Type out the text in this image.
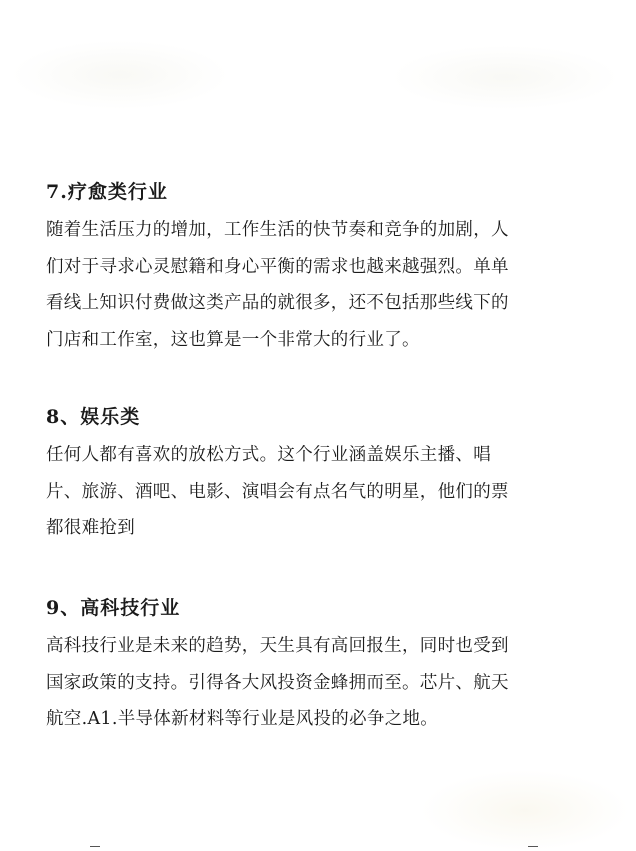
7.疗愈类行业

随着生活压力的增加，工作生活的快节奏和竞争的加剧，人
们对于寻求心灵慰籍和身心平衡的需求也越来越强烈。单单
看线上知识付费做这类产品的就很多，还不包括那些线下的
门店和工作室，这也算是一个非常大的行业了。

8、娱乐类

任何人都有喜欢的放松方式。这个行业涵盖娱乐主播、唱
片、旅游、酒吧、电影、演唱会有点名气的明星，他们的票
都很难抢到

9、高科技行业

高科技行业是未来的趋势，天生具有高回报生，同时也受到
国家政策的支持。引得各大风投资金蜂拥而至。芯片、航天
航空.A1.半导体新材料等行业是风投的必争之地。
